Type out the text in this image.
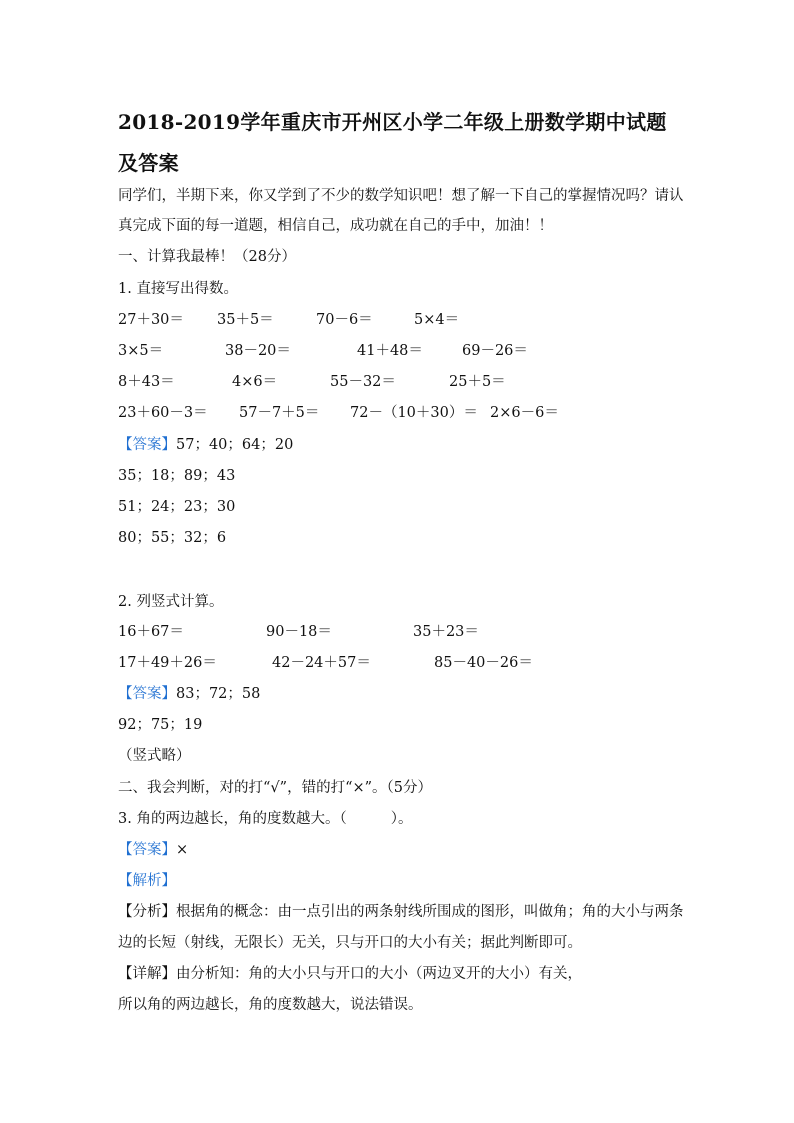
2018-2019学年重庆市开州区小学二年级上册数学期中试题
及答案
同学们，半期下来，你又学到了不少的数学知识吧！想了解一下自己的掌握情况吗？请认
真完成下面的每一道题，相信自己，成功就在自己的手中，加油！！
一、计算我最棒！（28分）
1. 直接写出得数。
27＋30＝ 35＋5＝	70－6＝	5×4＝
3×5＝	38－20＝	41＋48＝	69－26＝
8＋43＝	4×6＝	55－32＝	25＋5＝
23＋60－3＝ 57－7＋5＝ 72－（10＋30）＝ 2×6－6＝
【答案】57；40；64；20
35；18；89；43
51；24；23；30
80；55；32；6
2. 列竖式计算。
16＋67＝	90－18＝	35＋23＝
17＋49＋26＝	42－24＋57＝	85－40－26＝
【答案】83；72；58
92；75；19
（竖式略）
二、我会判断，对的打“√”，错的打“×”。（5分）
3. 角的两边越长，角的度数越大。（	）。
【答案】×
【解析】
【分析】根据角的概念：由一点引出的两条射线所围成的图形，叫做角；角的大小与两条
边的长短（射线，无限长）无关，只与开口的大小有关；据此判断即可。
【详解】由分析知：角的大小只与开口的大小（两边叉开的大小）有关，
所以角的两边越长，角的度数越大，说法错误。
